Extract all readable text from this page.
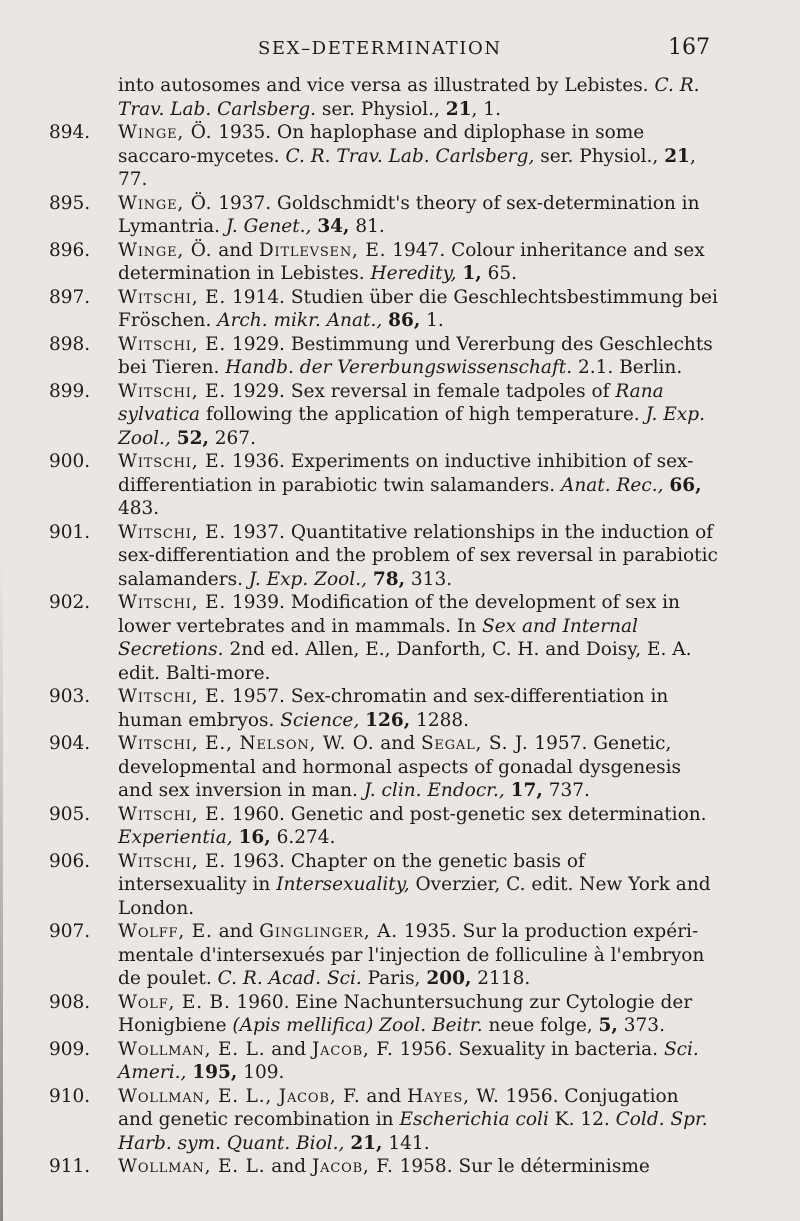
SEX–DETERMINATION	167
into autosomes and vice versa as illustrated by Lebistes. C. R. Trav. Lab. Carlsberg. ser. Physiol., 21, 1.
894.	Winge, Ö. 1935. On haplophase and diplophase in some saccaro-mycetes. C. R. Trav. Lab. Carlsberg, ser. Physiol., 21, 77.
895.	Winge, Ö. 1937. Goldschmidt's theory of sex-determination in Lymantria. J. Genet., 34, 81.
896.	Winge, Ö. and Ditlevsen, E. 1947. Colour inheritance and sex determination in Lebistes. Heredity, 1, 65.
897.	Witschi, E. 1914. Studien über die Geschlechtsbestimmung bei Fröschen. Arch. mikr. Anat., 86, 1.
898.	Witschi, E. 1929. Bestimmung und Vererbung des Geschlechts bei Tieren. Handb. der Vererbungswissenschaft. 2.1. Berlin.
899.	Witschi, E. 1929. Sex reversal in female tadpoles of Rana sylvatica following the application of high temperature. J. Exp. Zool., 52, 267.
900.	Witschi, E. 1936. Experiments on inductive inhibition of sex-differentiation in parabiotic twin salamanders. Anat. Rec., 66, 483.
901.	Witschi, E. 1937. Quantitative relationships in the induction of sex-differentiation and the problem of sex reversal in parabiotic salamanders. J. Exp. Zool., 78, 313.
902.	Witschi, E. 1939. Modification of the development of sex in lower vertebrates and in mammals. In Sex and Internal Secretions. 2nd ed. Allen, E., Danforth, C. H. and Doisy, E. A. edit. Balti-more.
903.	Witschi, E. 1957. Sex-chromatin and sex-differentiation in human embryos. Science, 126, 1288.
904.	Witschi, E., Nelson, W. O. and Segal, S. J. 1957. Genetic, developmental and hormonal aspects of gonadal dysgenesis and sex inversion in man. J. clin. Endocr., 17, 737.
905.	Witschi, E. 1960. Genetic and post-genetic sex determination. Experientia, 16, 6.274.
906.	Witschi, E. 1963. Chapter on the genetic basis of intersexuality in Intersexuality, Overzier, C. edit. New York and London.
907.	Wolff, E. and Ginglinger, A. 1935. Sur la production expéri-mentale d'intersexués par l'injection de folliculine à l'embryon de poulet. C. R. Acad. Sci. Paris, 200, 2118.
908.	Wolf, E. B. 1960. Eine Nachuntersuchung zur Cytologie der Honigbiene (Apis mellifica) Zool. Beitr. neue folge, 5, 373.
909.	Wollman, E. L. and Jacob, F. 1956. Sexuality in bacteria. Sci. Ameri., 195, 109.
910.	Wollman, E. L., Jacob, F. and Hayes, W. 1956. Conjugation and genetic recombination in Escherichia coli K. 12. Cold. Spr. Harb. sym. Quant. Biol., 21, 141.
911.	Wollman, E. L. and Jacob, F. 1958. Sur le déterminisme
